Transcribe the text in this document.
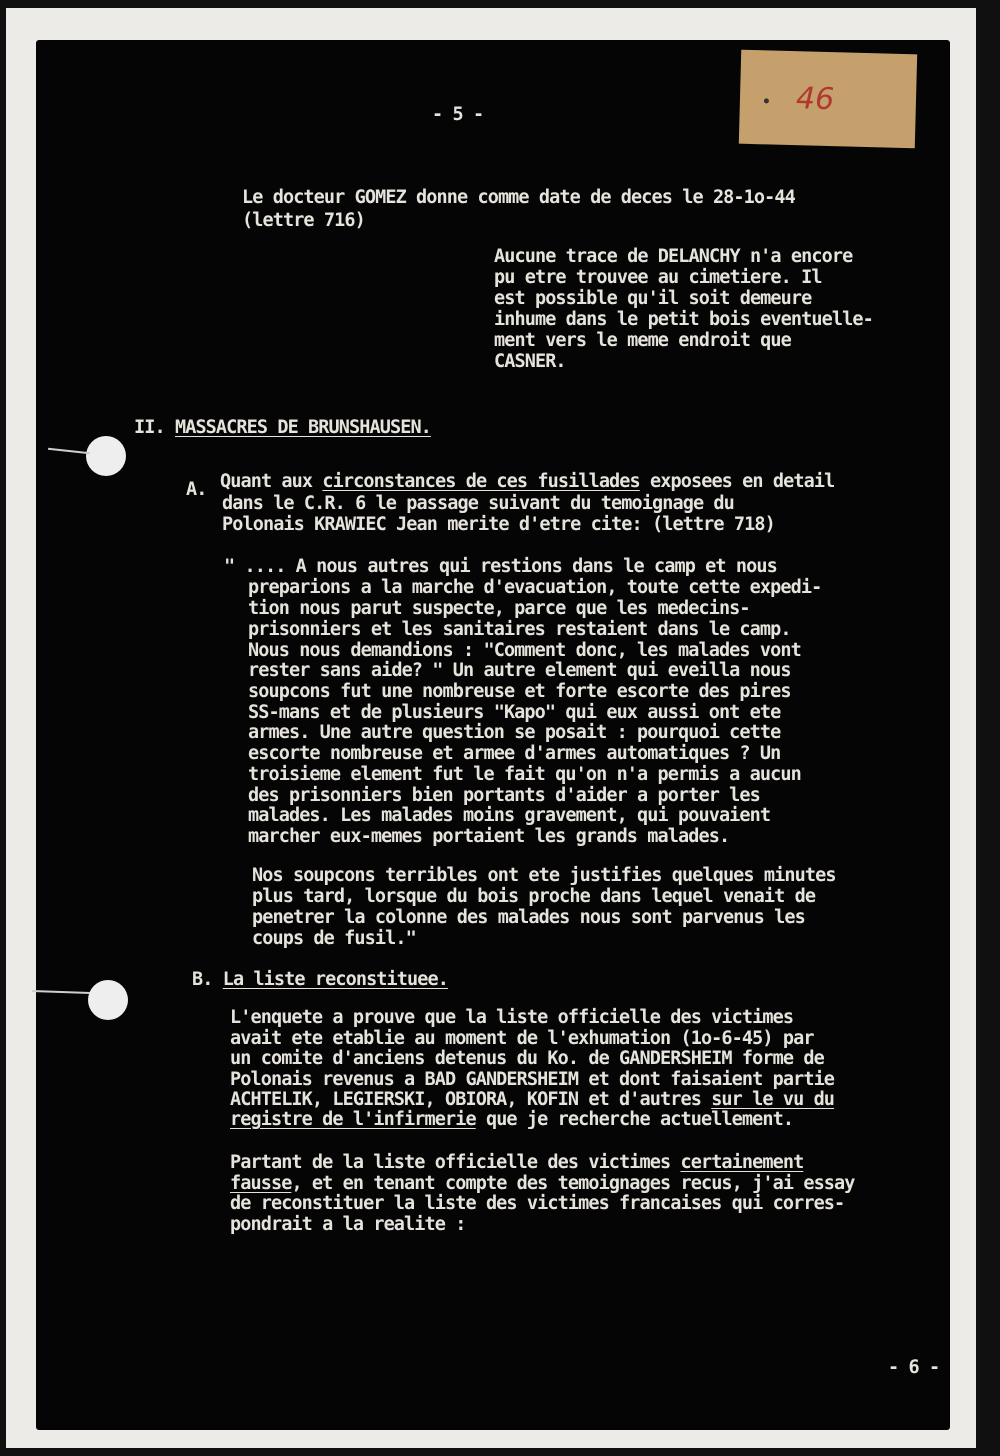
46
- 5 -
Le docteur GOMEZ donne comme date de deces le 28-1o-44
(lettre 716)
Aucune trace de DELANCHY n'a encore
pu etre trouvee au cimetiere. Il
est possible qu'il soit demeure
inhume dans le petit bois eventuelle-
ment vers le meme endroit que
CASNER.
II. MASSACRES DE BRUNSHAUSEN.
A. Quant aux circonstances de ces fusillades exposees en detail
dans le C.R. 6 le passage suivant du temoignage du
Polonais KRAWIEC Jean merite d'etre cite: (lettre 718)
" .... A nous autres qui restions dans le camp et nous
preparions a la marche d'evacuation, toute cette expedi-
tion nous parut suspecte, parce que les medecins-
prisonniers et les sanitaires restaient dans le camp.
Nous nous demandions : "Comment donc, les malades vont
rester sans aide? " Un autre element qui eveilla nous
soupcons fut une nombreuse et forte escorte des pires
SS-mans et de plusieurs "Kapo" qui eux aussi ont ete
armes. Une autre question se posait : pourquoi cette
escorte nombreuse et armee d'armes automatiques ? Un
troisieme element fut le fait qu'on n'a permis a aucun
des prisonniers bien portants d'aider a porter les
malades. Les malades moins gravement, qui pouvaient
marcher eux-memes portaient les grands malades.
Nos soupcons terribles ont ete justifies quelques minutes
plus tard, lorsque du bois proche dans lequel venait de
penetrer la colonne des malades nous sont parvenus les
coups de fusil."
B. La liste reconstituee.
L'enquete a prouve que la liste officielle des victimes
avait ete etablie au moment de l'exhumation (1o-6-45) par
un comite d'anciens detenus du Ko. de GANDERSHEIM forme de
Polonais revenus a BAD GANDERSHEIM et dont faisaient partie
ACHTELIK, LEGIERSKI, OBIORA, KOFIN et d'autres sur le vu du
registre de l'infirmerie que je recherche actuellement.
Partant de la liste officielle des victimes certainement
fausse, et en tenant compte des temoignages recus, j'ai essay
de reconstituer la liste des victimes francaises qui corres-
pondrait a la realite :
- 6 -
